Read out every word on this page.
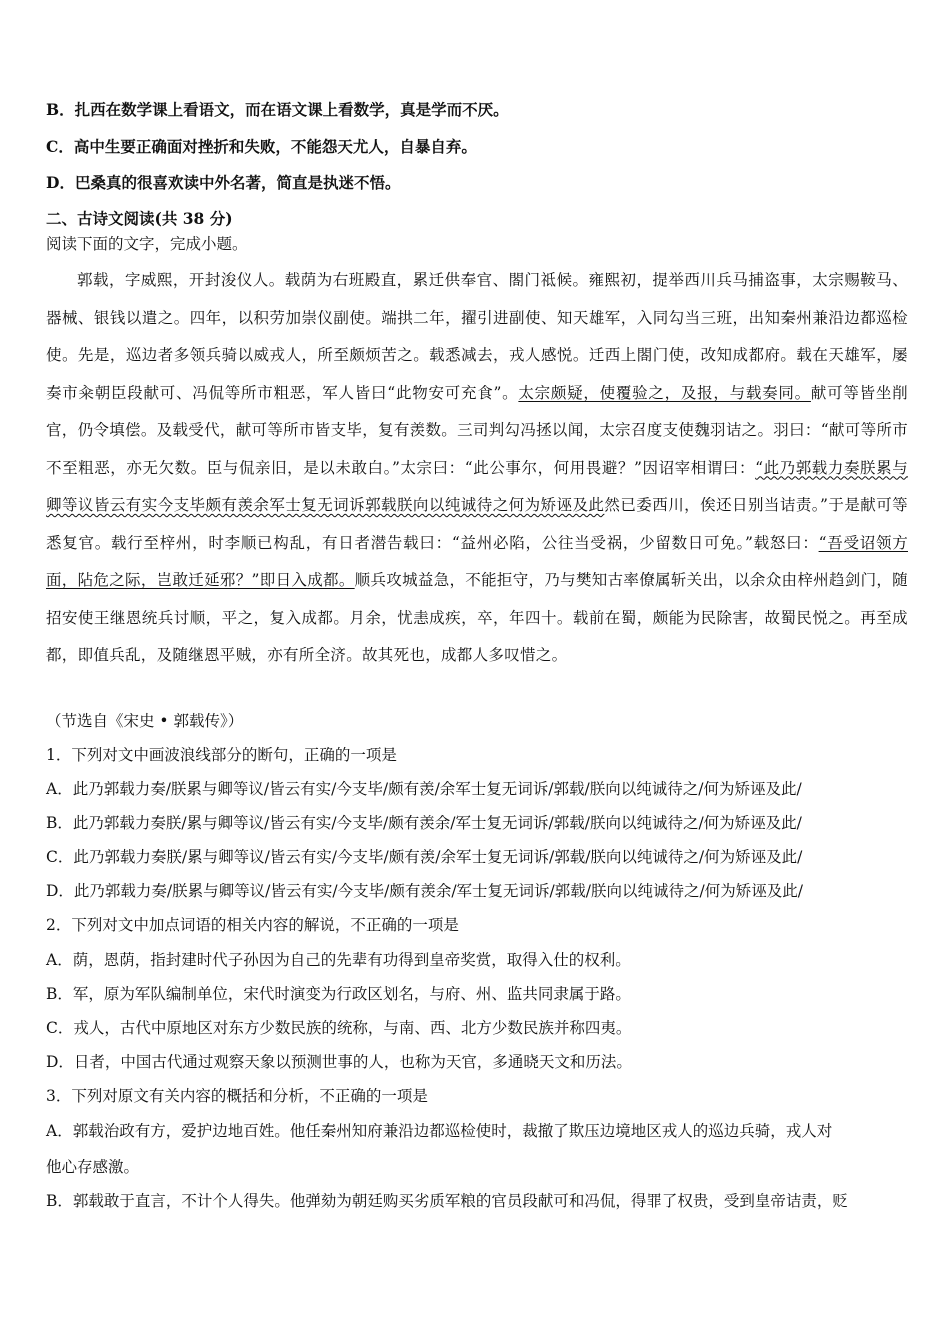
B．扎西在数学课上看语文，而在语文课上看数学，真是学而不厌。
C．高中生要正确面对挫折和失败，不能怨天尤人，自暴自弃。
D．巴桑真的很喜欢读中外名著，简直是执迷不悟。
二、古诗文阅读(共 38 分)
阅读下面的文字，完成小题。
郭载，字威熙，开封浚仪人。载荫为右班殿直，累迁供奉官、閤门祗候。雍熙初，提举西川兵马捕盗事，太宗赐鞍马、器械、银钱以遣之。四年，以积劳加崇仪副使。端拱二年，擢引进副使、知天雄军，入同勾当三班，出知秦州兼沿边都巡检使。先是，巡边者多领兵骑以威戎人，所至颇烦苦之。载悉减去，戎人感悦。迁西上閤门使，改知成都府。载在天雄军，屡奏市籴朝臣段献可、冯侃等所市粗恶，军人皆曰“此物安可充食”。太宗颇疑，使覆验之，及报，与载奏同。献可等皆坐削官，仍令填偿。及载受代，献可等所市皆支毕，复有羡数。三司判勾冯拯以闻，太宗召度支使魏羽诘之。羽曰：“献可等所市不至粗恶，亦无欠数。臣与侃亲旧，是以未敢白。”太宗曰：“此公事尔，何用畏避？”因诏宰相谓曰：“此乃郭载力奏朕累与卿等议皆云有实今支毕颇有羡余军士复无词诉郭载朕向以纯诚待之何为矫诬及此然已委西川，俟还日别当诘责。”于是献可等悉复官。载行至梓州，时李顺已构乱，有日者潜告载曰：“益州必陷，公往当受祸，少留数日可免。”载怒曰：“吾受诏领方面，阽危之际，岂敢迁延邪？”即日入成都。顺兵攻城益急，不能拒守，乃与樊知古率僚属斩关出，以余众由梓州趋剑门，随招安使王继恩统兵讨顺，平之，复入成都。月余，忧恚成疾，卒，年四十。载前在蜀，颇能为民除害，故蜀民悦之。再至成都，即值兵乱，及随继恩平贼，亦有所全济。故其死也，成都人多叹惜之。
（节选自《宋史 • 郭载传》）
1．下列对文中画波浪线部分的断句，正确的一项是
A．此乃郭载力奏/朕累与卿等议/皆云有实/今支毕/颇有羡/余军士复无词诉/郭载/朕向以纯诚待之/何为矫诬及此/
B．此乃郭载力奏朕/累与卿等议/皆云有实/今支毕/颇有羡余/军士复无词诉/郭载/朕向以纯诚待之/何为矫诬及此/
C．此乃郭载力奏朕/累与卿等议/皆云有实/今支毕/颇有羡/余军士复无词诉/郭载/朕向以纯诚待之/何为矫诬及此/
D．此乃郭载力奏/朕累与卿等议/皆云有实/今支毕/颇有羡余/军士复无词诉/郭载/朕向以纯诚待之/何为矫诬及此/
2．下列对文中加点词语的相关内容的解说，不正确的一项是
A．荫，恩荫，指封建时代子孙因为自己的先辈有功得到皇帝奖赏，取得入仕的权利。
B．军，原为军队编制单位，宋代时演变为行政区划名，与府、州、监共同隶属于路。
C．戎人，古代中原地区对东方少数民族的统称，与南、西、北方少数民族并称四夷。
D．日者，中国古代通过观察天象以预测世事的人，也称为天官，多通晓天文和历法。
3．下列对原文有关内容的概括和分析，不正确的一项是
A．郭载治政有方，爱护边地百姓。他任秦州知府兼沿边都巡检使时，裁撤了欺压边境地区戎人的巡边兵骑，戎人对
他心存感激。
B．郭载敢于直言，不计个人得失。他弹劾为朝廷购买劣质军粮的官员段献可和冯侃，得罪了权贵，受到皇帝诘责，贬
